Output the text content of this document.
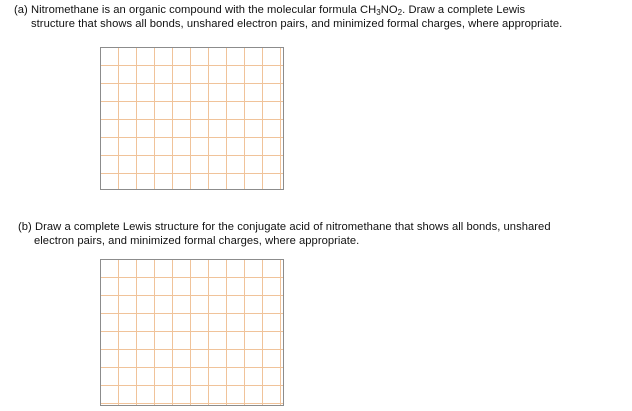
(a) Nitromethane is an organic compound with the molecular formula $CH_3NO_2$. Draw a complete Lewis
structure that shows all bonds, unshared electron pairs, and minimized formal charges, where appropriate.
(b) Draw a complete Lewis structure for the conjugate acid of nitromethane that shows all bonds, unshared
electron pairs, and minimized formal charges, where appropriate.
